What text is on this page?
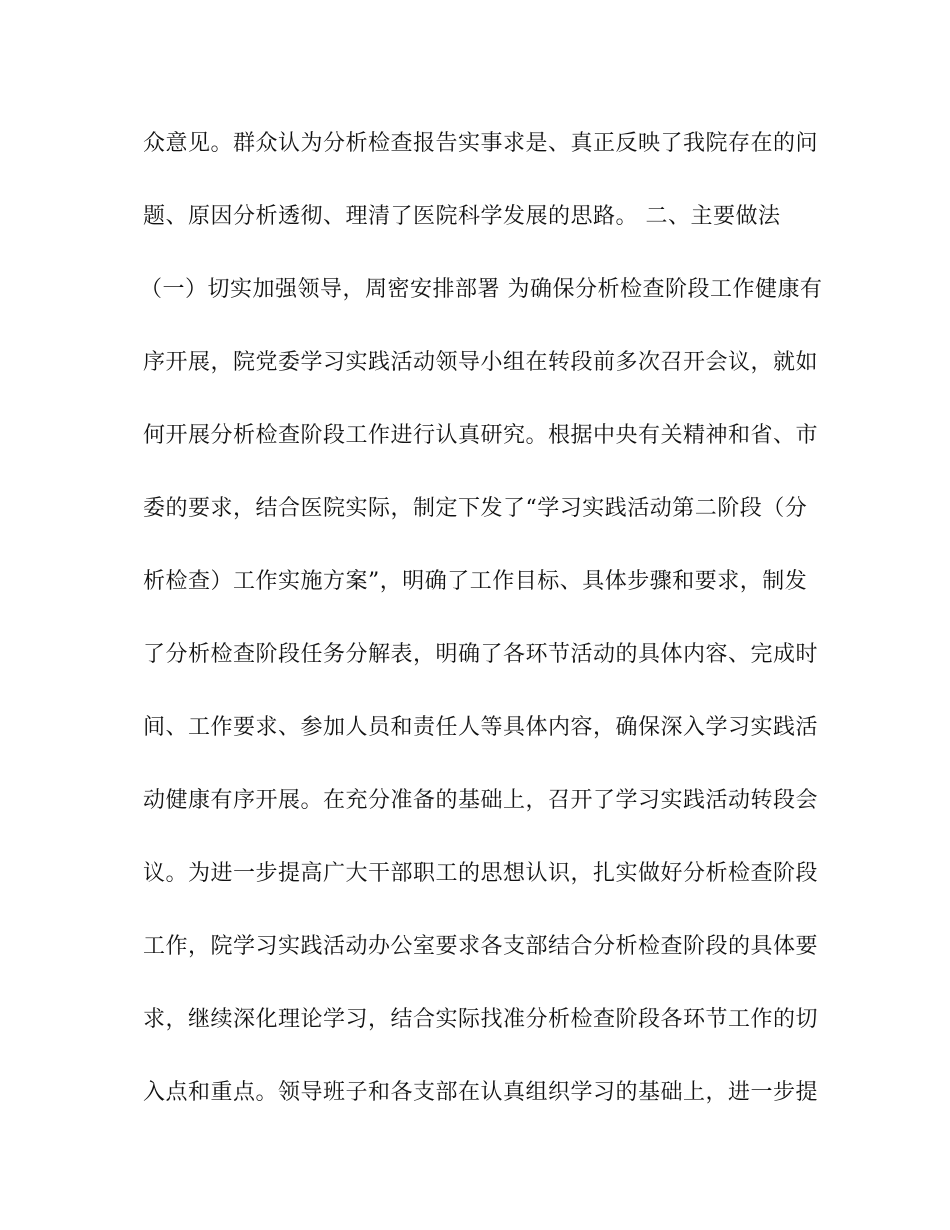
众意见。群众认为分析检查报告实事求是、真正反映了我院存在的问
题、原因分析透彻、理清了医院科学发展的思路。 二、主要做法
（一）切实加强领导，周密安排部署 为确保分析检查阶段工作健康有
序开展，院党委学习实践活动领导小组在转段前多次召开会议，就如
何开展分析检查阶段工作进行认真研究。根据中央有关精神和省、市
委的要求，结合医院实际，制定下发了“学习实践活动第二阶段（分
析检查）工作实施方案”，明确了工作目标、具体步骤和要求，制发
了分析检查阶段任务分解表，明确了各环节活动的具体内容、完成时
间、工作要求、参加人员和责任人等具体内容，确保深入学习实践活
动健康有序开展。在充分准备的基础上，召开了学习实践活动转段会
议。为进一步提高广大干部职工的思想认识，扎实做好分析检查阶段
工作，院学习实践活动办公室要求各支部结合分析检查阶段的具体要
求，继续深化理论学习，结合实际找准分析检查阶段各环节工作的切
入点和重点。领导班子和各支部在认真组织学习的基础上，进一步提
